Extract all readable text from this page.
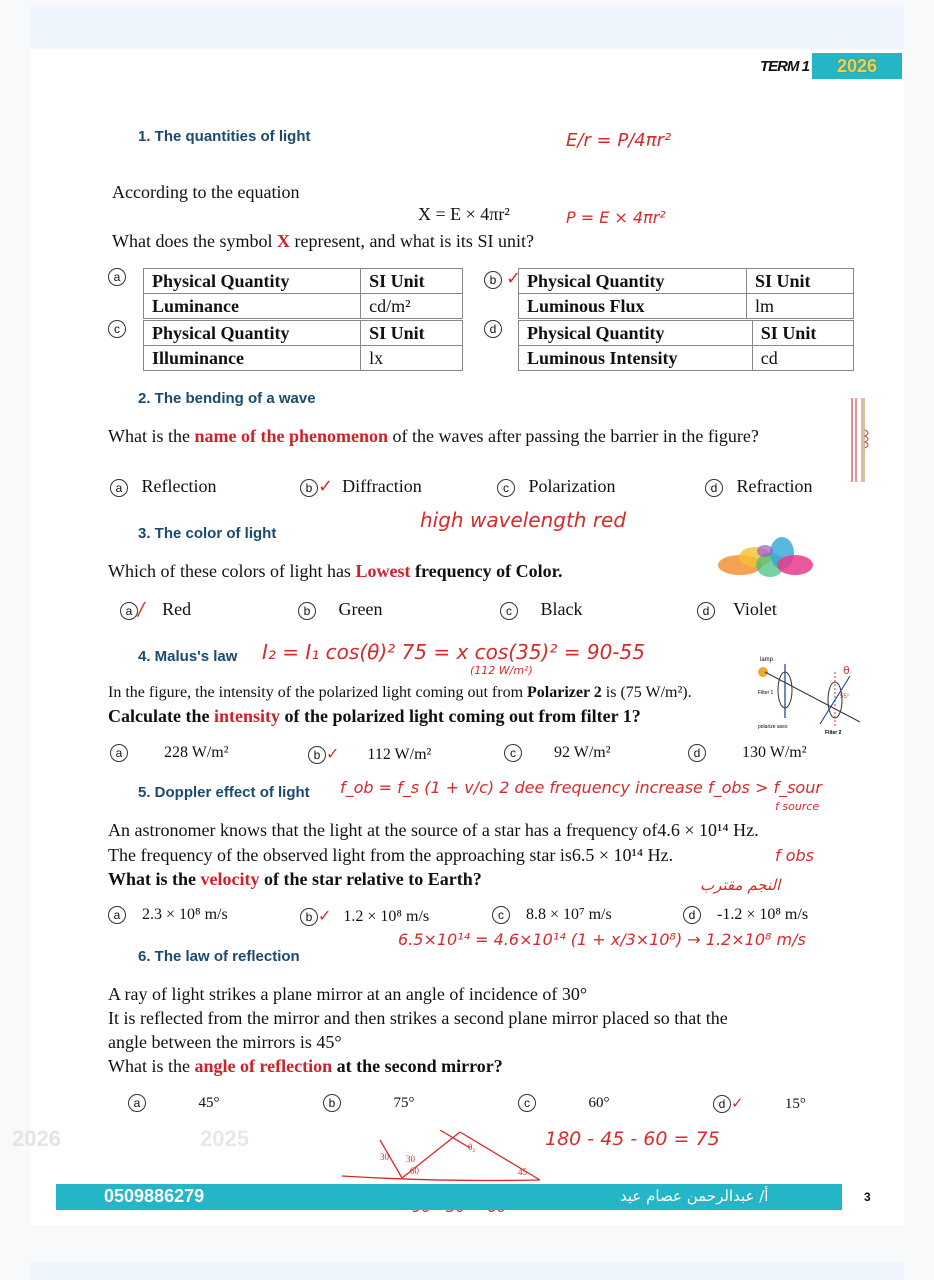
TERM 1	2026
1. The quantities of light
According to the equation
X = E × 4πr²
What does the symbol X represent, and what is its SI unit?
E/r = P/4πr²
P = E × 4πr²
a	Physical Quantity	SI Unit
Luminance	cd/m²
b ✓ Physical Quantity	SI Unit
Luminous Flux	lm
c	Physical Quantity	SI Unit
Illuminance	lx
d	Physical Quantity	SI Unit
Luminous Intensity	cd
2. The bending of a wave
What is the name of the phenomenon of the waves after passing the barrier in the figure?
a Reflection	b ✓ Diffraction	c Polarization	d Refraction
3. The color of light
high wavelength red
Which of these colors of light has Lowest frequency of Color.
a / Red	b Green	c Black	d Violet
4. Malus's law I₂ = I₁ cos(θ)² 75 = x cos(35)² = 90-55
(112 W/m²)
In the figure, the intensity of the polarized light coming out from Polarizer 2 is (75 W/m²).
Calculate the intensity of the polarized light coming out from filter 1?
lamp
Filter 1
polarize axes
55°
θ
Filter 2
a	228 W/m²	b ✓ 112 W/m²	c 92 W/m²	d	130 W/m²
5. Doppler effect of light f_ob = f_s (1 + v/c) 2 dee frequency increase f_obs > f_sour
f source
An astronomer knows that the light at the source of a star has a frequency of4.6 × 10¹⁴ Hz.
The frequency of the observed light from the approaching star is6.5 × 10¹⁴ Hz.	f obs
What is the velocity of the star relative to Earth?	النجم مقترب
a 2.3 × 10⁸ m/s	b ✓ 1.2 × 10⁸ m/s	c 8.8 × 10⁷ m/s	d -1.2 × 10⁸ m/s
6.5×10¹⁴ = 4.6×10¹⁴ (1 + x/3×10⁸) → 1.2×10⁸ m/s
6. The law of reflection
A ray of light strikes a plane mirror at an angle of incidence of 30°
It is reflected from the mirror and then strikes a second plane mirror placed so that the
angle between the mirrors is 45°
What is the angle of reflection at the second mirror?
a	45°	b	75°	c	60°	d ✓	15°
30 30
60
θ₂
45
180 - 45 - 60 = 75
0509886279	أ/ عبدالرحمن عصام عيد	3
2026	2025
